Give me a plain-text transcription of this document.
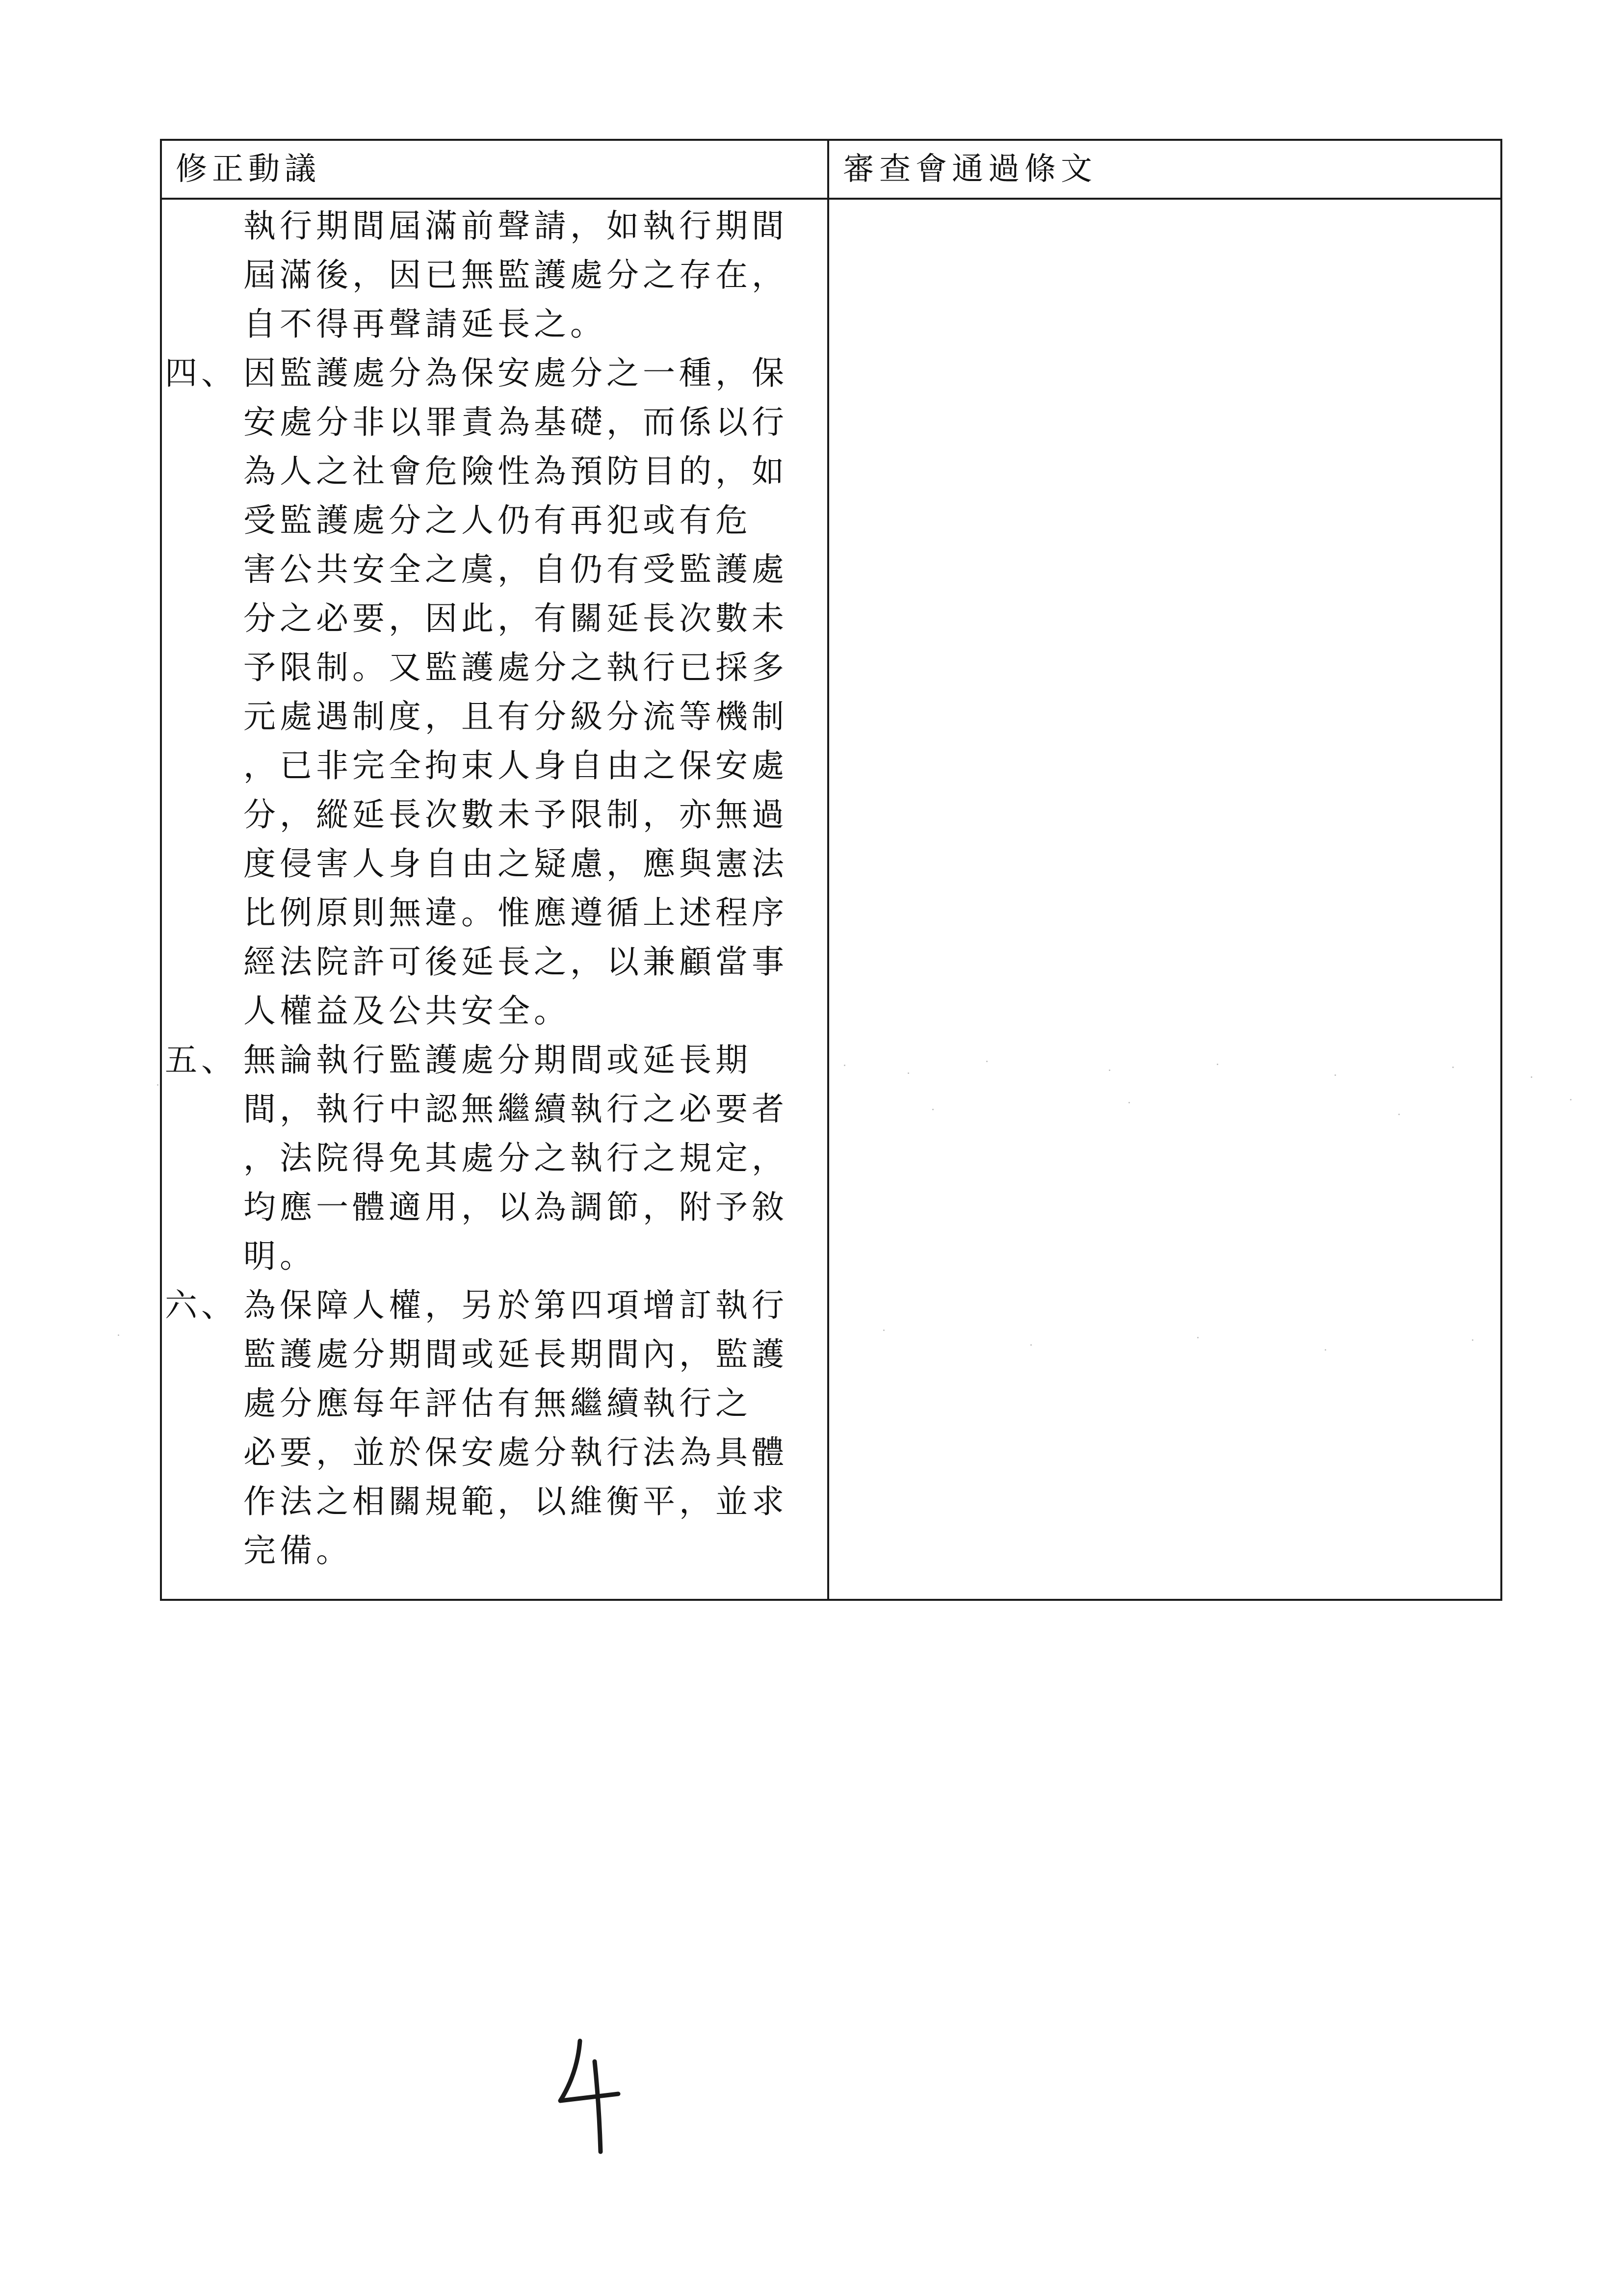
修正動議	審查會通過條文
執行期間屆滿前聲請，如執行期間
屆滿後，因已無監護處分之存在，
自不得再聲請延長之。
四、 因監護處分為保安處分之一種，保
安處分非以罪責為基礎，而係以行
為人之社會危險性為預防目的，如
受監護處分之人仍有再犯或有危
害公共安全之虞，自仍有受監護處
分之必要，因此，有關延長次數未
予限制。又監護處分之執行已採多
元處遇制度，且有分級分流等機制
，已非完全拘束人身自由之保安處
分，縱延長次數未予限制，亦無過
度侵害人身自由之疑慮，應與憲法
比例原則無違。惟應遵循上述程序
經法院許可後延長之，以兼顧當事
人權益及公共安全。
五、 無論執行監護處分期間或延長期
間，執行中認無繼續執行之必要者
，法院得免其處分之執行之規定，
均應一體適用，以為調節，附予敘
明。
六、 為保障人權，另於第四項增訂執行
監護處分期間或延長期間內，監護
處分應每年評估有無繼續執行之
必要，並於保安處分執行法為具體
作法之相關規範，以維衡平，並求
完備。
